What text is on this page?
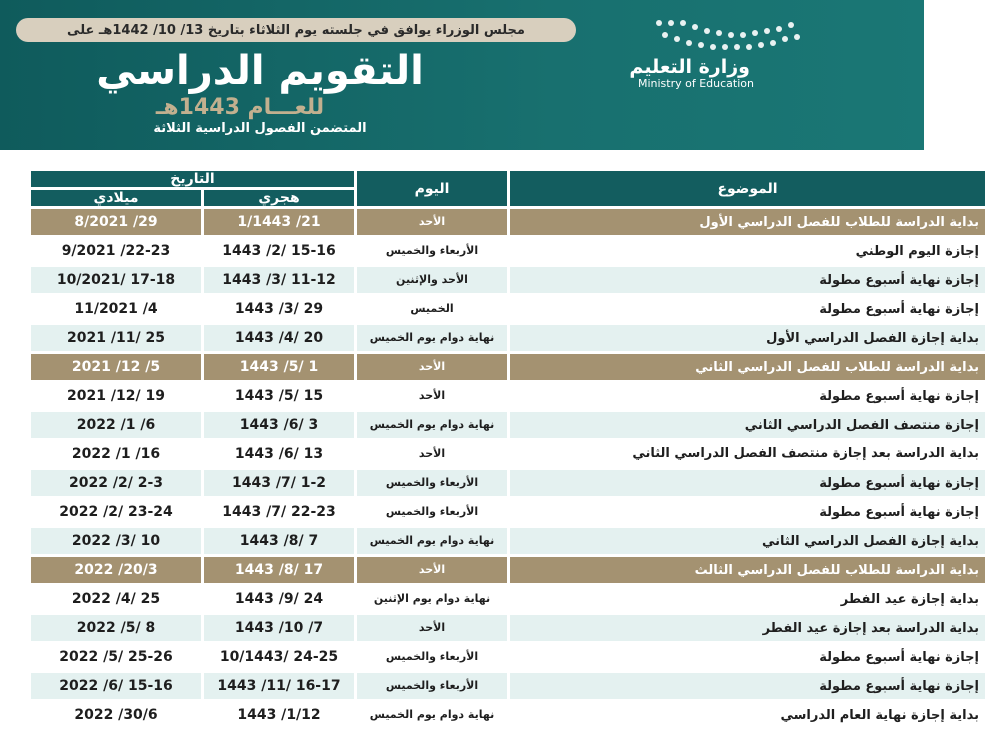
مجلس الوزراء يوافق في جلسته يوم الثلاثاء بتاريخ 13/ 10/ 1442هـ على
التقويم الدراسي
للعـــام 1443هـ
المتضمن الفصول الدراسية الثلاثة
وزارة التعليم
Ministry of Education
الموضوع	اليوم	التاريخ	
		هجري	ميلادي
بداية الدراسة للطلاب للفصل الدراسي الأول	الأحد	21/ 1/1443	29/ 8/2021
إجازة اليوم الوطني	الأربعاء والخميس	15-16 /2/ 1443	22-23/ 9/2021
إجازة نهاية أسبوع مطولة	الأحد والإثنين	11-12 /3/ 1443	17-18 /10/2021
إجازة نهاية أسبوع مطولة	الخميس	29 /3/ 1443	4/ 11/2021
بداية إجازة الفصل الدراسي الأول	نهاية دوام يوم الخميس	20 /4/ 1443	25 /11/ 2021
بداية الدراسة للطلاب للفصل الدراسي الثاني	الأحد	1 /5/ 1443	5/ 12/ 2021
إجازة نهاية أسبوع مطولة	الأحد	15 /5/ 1443	19 /12/ 2021
إجازة منتصف الفصل الدراسي الثاني	نهاية دوام يوم الخميس	3 /6/ 1443	6/ 1/ 2022
بداية الدراسة بعد إجازة منتصف الفصل الدراسي الثاني	الأحد	13 /6/ 1443	16/ 1/ 2022
إجازة نهاية أسبوع مطولة	الأربعاء والخميس	1-2 /7/ 1443	2-3 /2/ 2022
إجازة نهاية أسبوع مطولة	الأربعاء والخميس	22-23 /7/ 1443	23-24 /2/ 2022
بداية إجازة الفصل الدراسي الثاني	نهاية دوام يوم الخميس	7 /8/ 1443	10 /3/ 2022
بداية الدراسة للطلاب للفصل الدراسي الثالث	الأحد	17 /8/ 1443	20/3/ 2022
بداية إجازة عيد الفطر	نهاية دوام يوم الإثنين	24 /9/ 1443	25 /4/ 2022
بداية الدراسة بعد إجازة عيد الفطر	الأحد	7/ 10/ 1443	8 /5/ 2022
إجازة نهاية أسبوع مطولة	الأربعاء والخميس	24-25 /10/1443	25-26 /5/ 2022
إجازة نهاية أسبوع مطولة	الأربعاء والخميس	16-17 /11/ 1443	15-16 /6/ 2022
بداية إجازة نهاية العام الدراسي	نهاية دوام يوم الخميس	1/12/ 1443	30/6/ 2022
